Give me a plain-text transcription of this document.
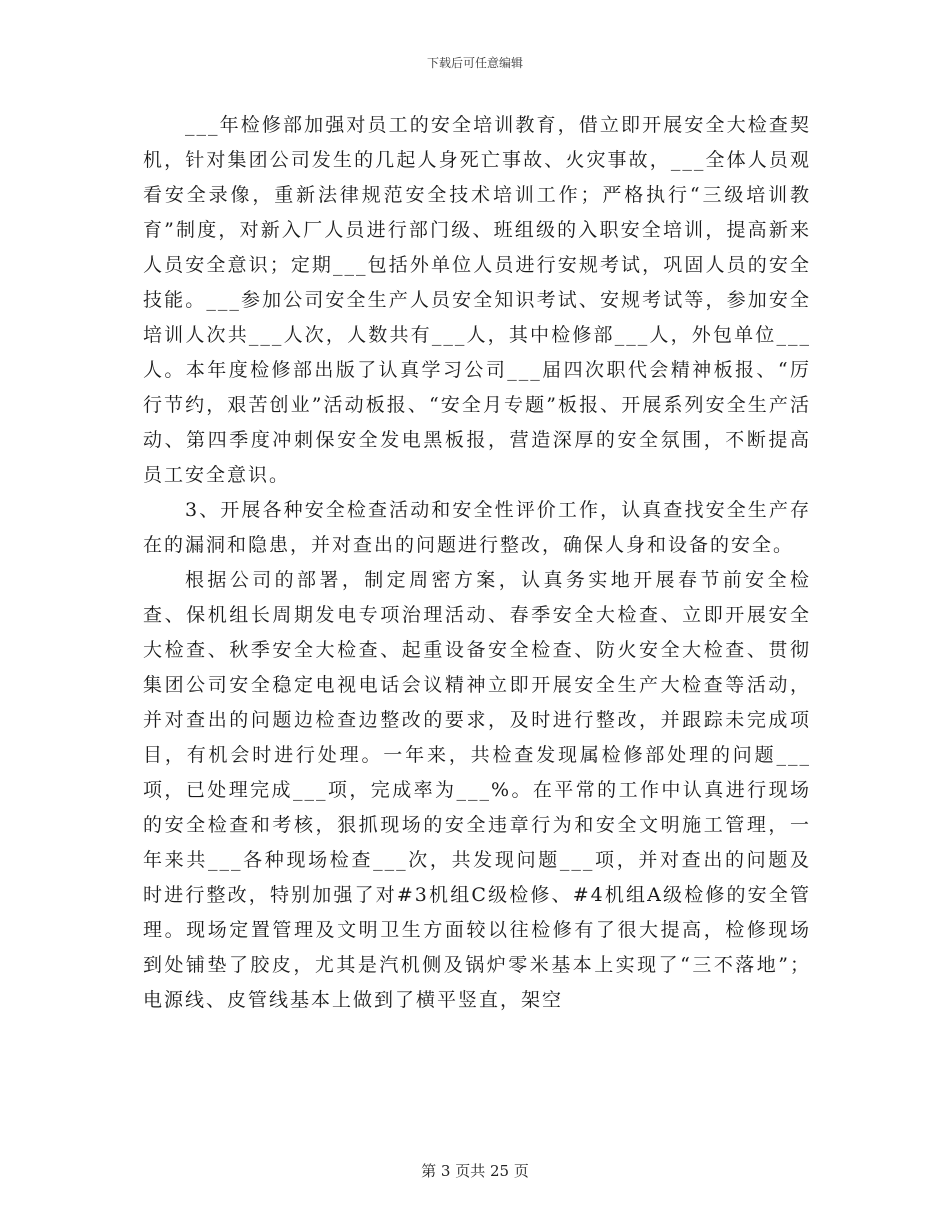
下载后可任意编辑

___年检修部加强对员工的安全培训教育，借立即开展安全大检查契机，针对集团公司发生的几起人身死亡事故、火灾事故，___全体人员观看安全录像，重新法律规范安全技术培训工作；严格执行“三级培训教育”制度，对新入厂人员进行部门级、班组级的入职安全培训，提高新来人员安全意识；定期___包括外单位人员进行安规考试，巩固人员的安全技能。___参加公司安全生产人员安全知识考试、安规考试等，参加安全培训人次共___人次，人数共有___人，其中检修部___人，外包单位___人。本年度检修部出版了认真学习公司___届四次职代会精神板报、“厉行节约，艰苦创业”活动板报、“安全月专题”板报、开展系列安全生产活动、第四季度冲刺保安全发电黑板报，营造深厚的安全氛围，不断提高员工安全意识。

3、开展各种安全检查活动和安全性评价工作，认真查找安全生产存在的漏洞和隐患，并对查出的问题进行整改，确保人身和设备的安全。

根据公司的部署，制定周密方案，认真务实地开展春节前安全检查、保机组长周期发电专项治理活动、春季安全大检查、立即开展安全大检查、秋季安全大检查、起重设备安全检查、防火安全大检查、贯彻集团公司安全稳定电视电话会议精神立即开展安全生产大检查等活动，并对查出的问题边检查边整改的要求，及时进行整改，并跟踪未完成项目，有机会时进行处理。一年来，共检查发现属检修部处理的问题___项，已处理完成___项，完成率为___%。在平常的工作中认真进行现场的安全检查和考核，狠抓现场的安全违章行为和安全文明施工管理，一年来共___各种现场检查___次，共发现问题___项，并对查出的问题及时进行整改，特别加强了对#3机组C级检修、#4机组A级检修的安全管理。现场定置管理及文明卫生方面较以往检修有了很大提高，检修现场到处铺垫了胶皮，尤其是汽机侧及锅炉零米基本上实现了“三不落地”；电源线、皮管线基本上做到了横平竖直，架空

第 3 页共 25 页
